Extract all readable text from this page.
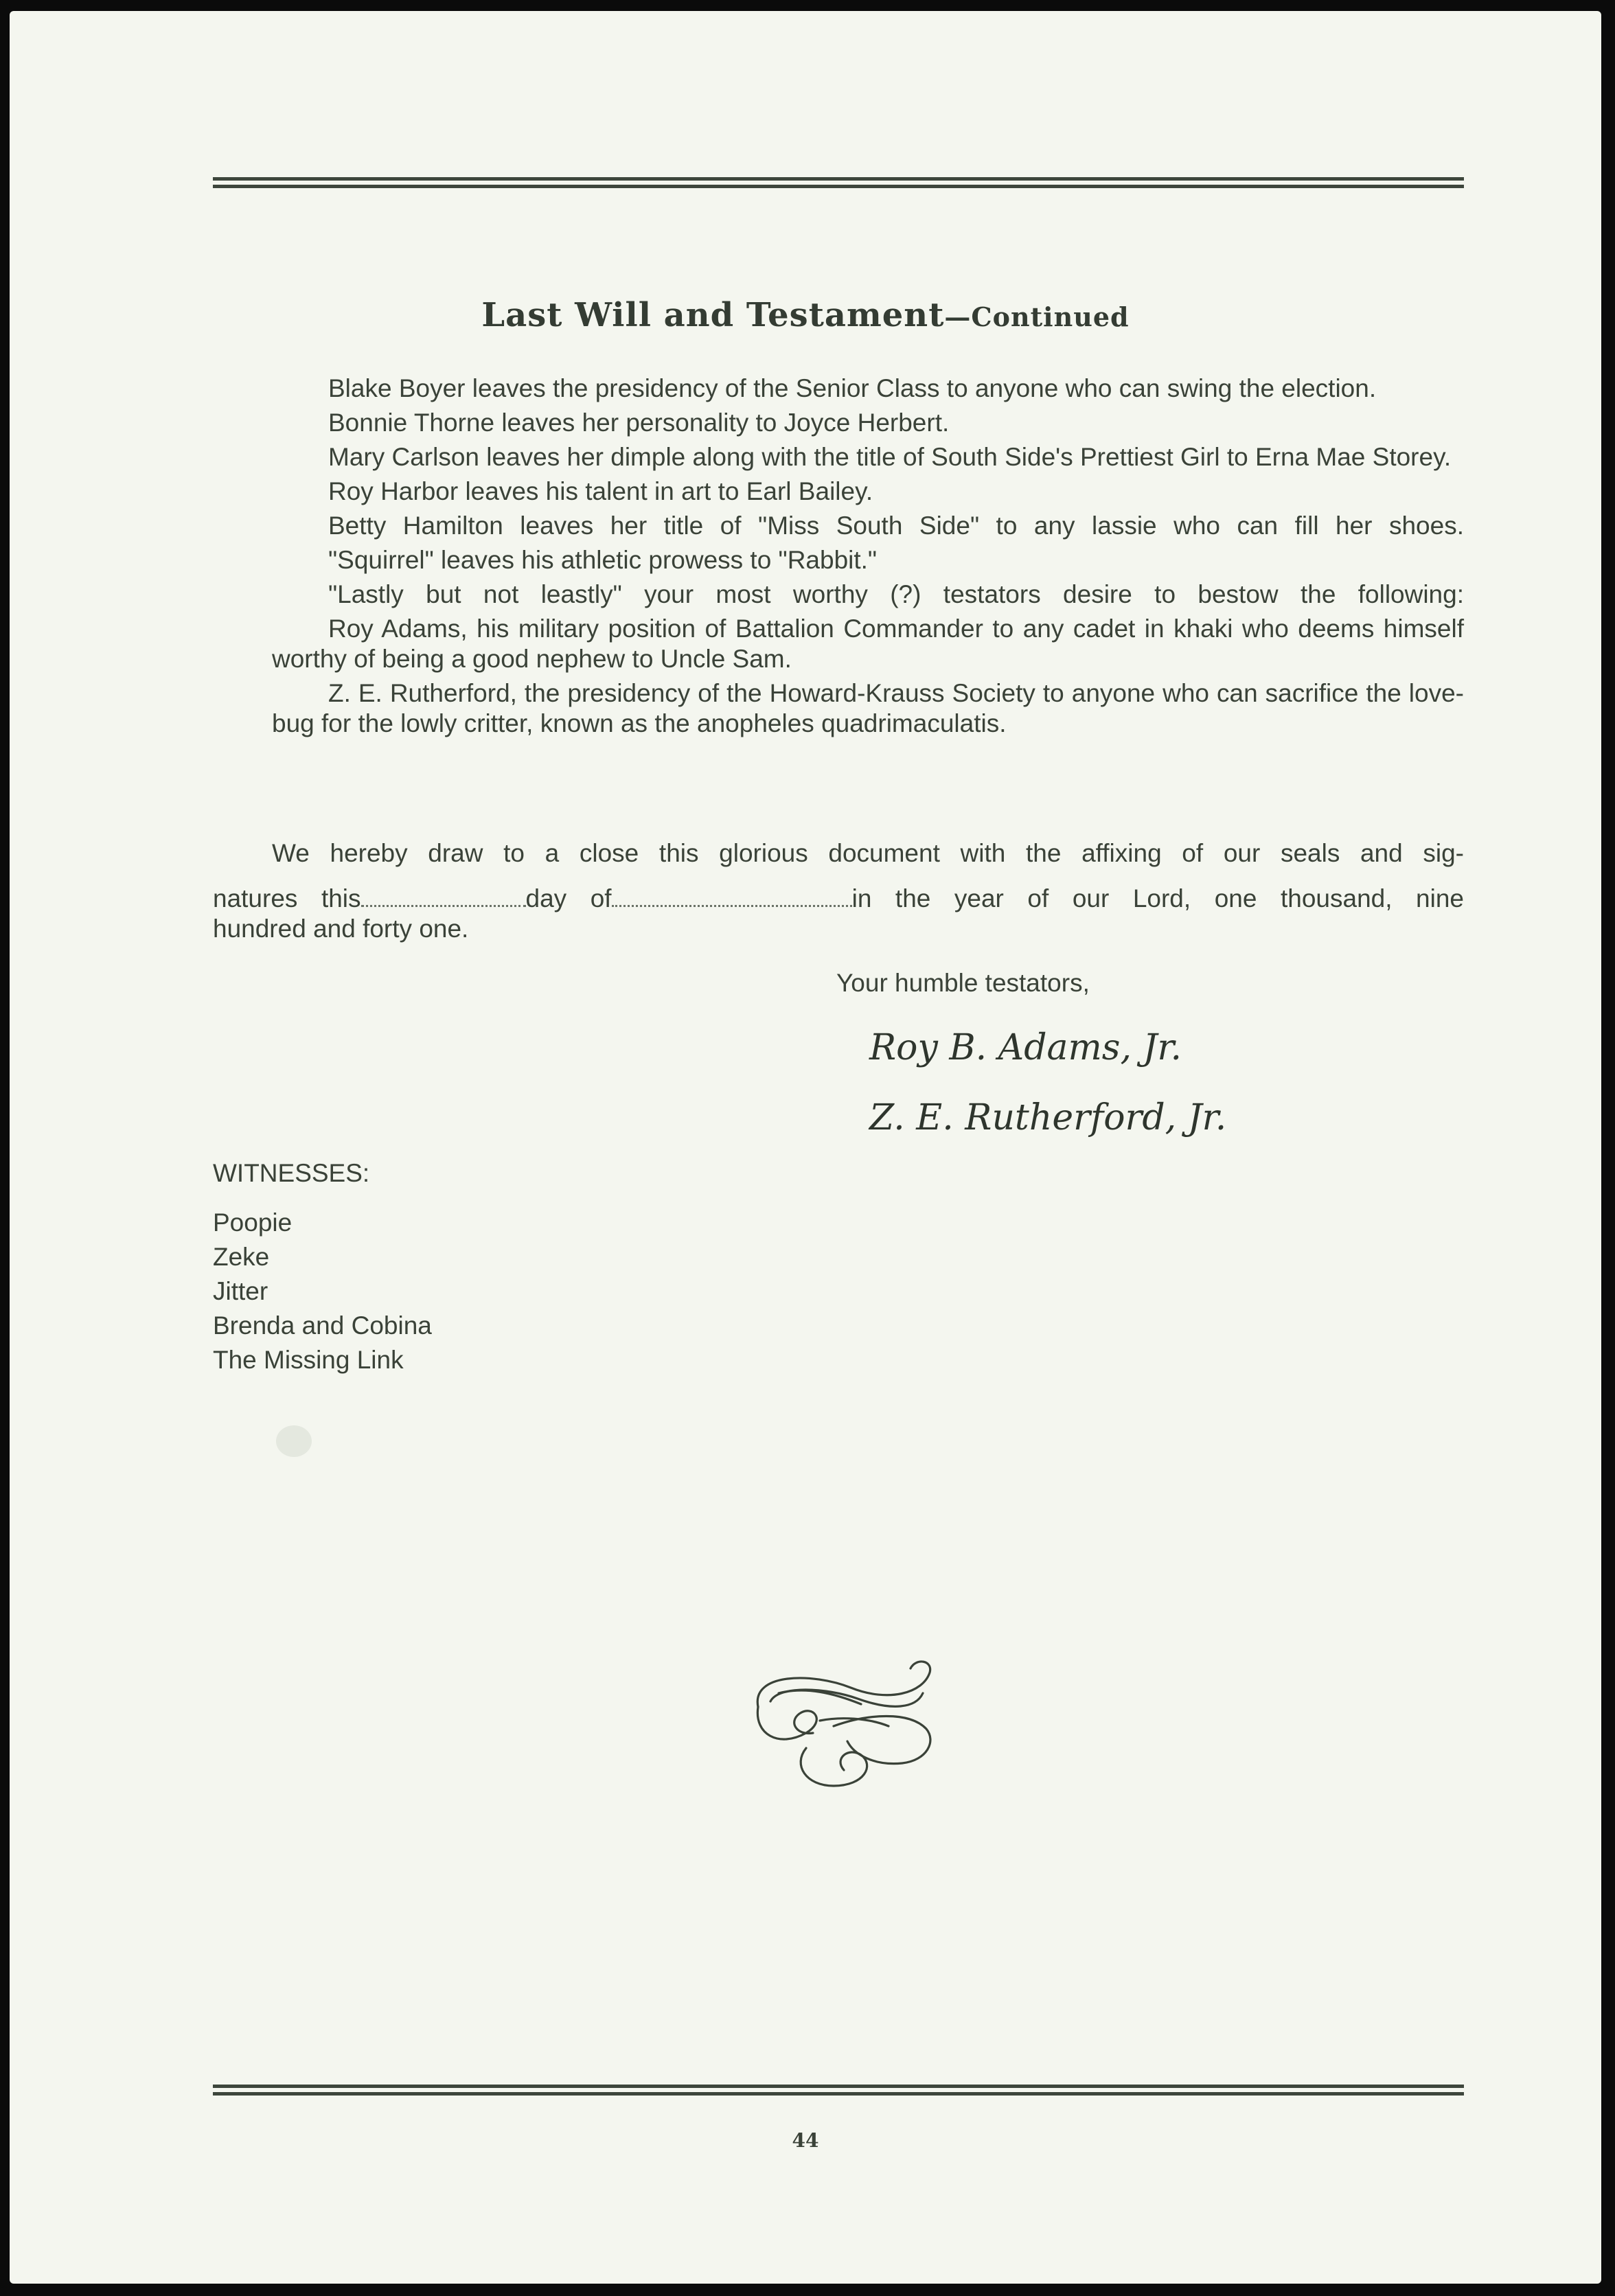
Last Will and Testament—Continued

Blake Boyer leaves the presidency of the Senior Class to anyone who can swing the election.

Bonnie Thorne leaves her personality to Joyce Herbert.

Mary Carlson leaves her dimple along with the title of South Side's Prettiest Girl to Erna Mae Storey.

Roy Harbor leaves his talent in art to Earl Bailey.

Betty Hamilton leaves her title of "Miss South Side" to any lassie who can fill her shoes.

"Squirrel" leaves his athletic prowess to "Rabbit."

"Lastly but not leastly" your most worthy (?) testators desire to bestow the following:

Roy Adams, his military position of Battalion Commander to any cadet in khaki who deems himself worthy of being a good nephew to Uncle Sam.

Z. E. Rutherford, the presidency of the Howard-Krauss Society to anyone who can sacrifice the love-bug for the lowly critter, known as the anopheles quadrimaculatis.

We hereby draw to a close this glorious document with the affixing of our seals and sig-

natures this	day of	in the year of our Lord, one thousand, nine

hundred and forty one.

Your humble testators,
Roy B. Adams, Jr.
Z. E. Rutherford, Jr.
WITNESSES:
Poopie
Zeke
Jitter
Brenda and Cobina
The Missing Link
44
